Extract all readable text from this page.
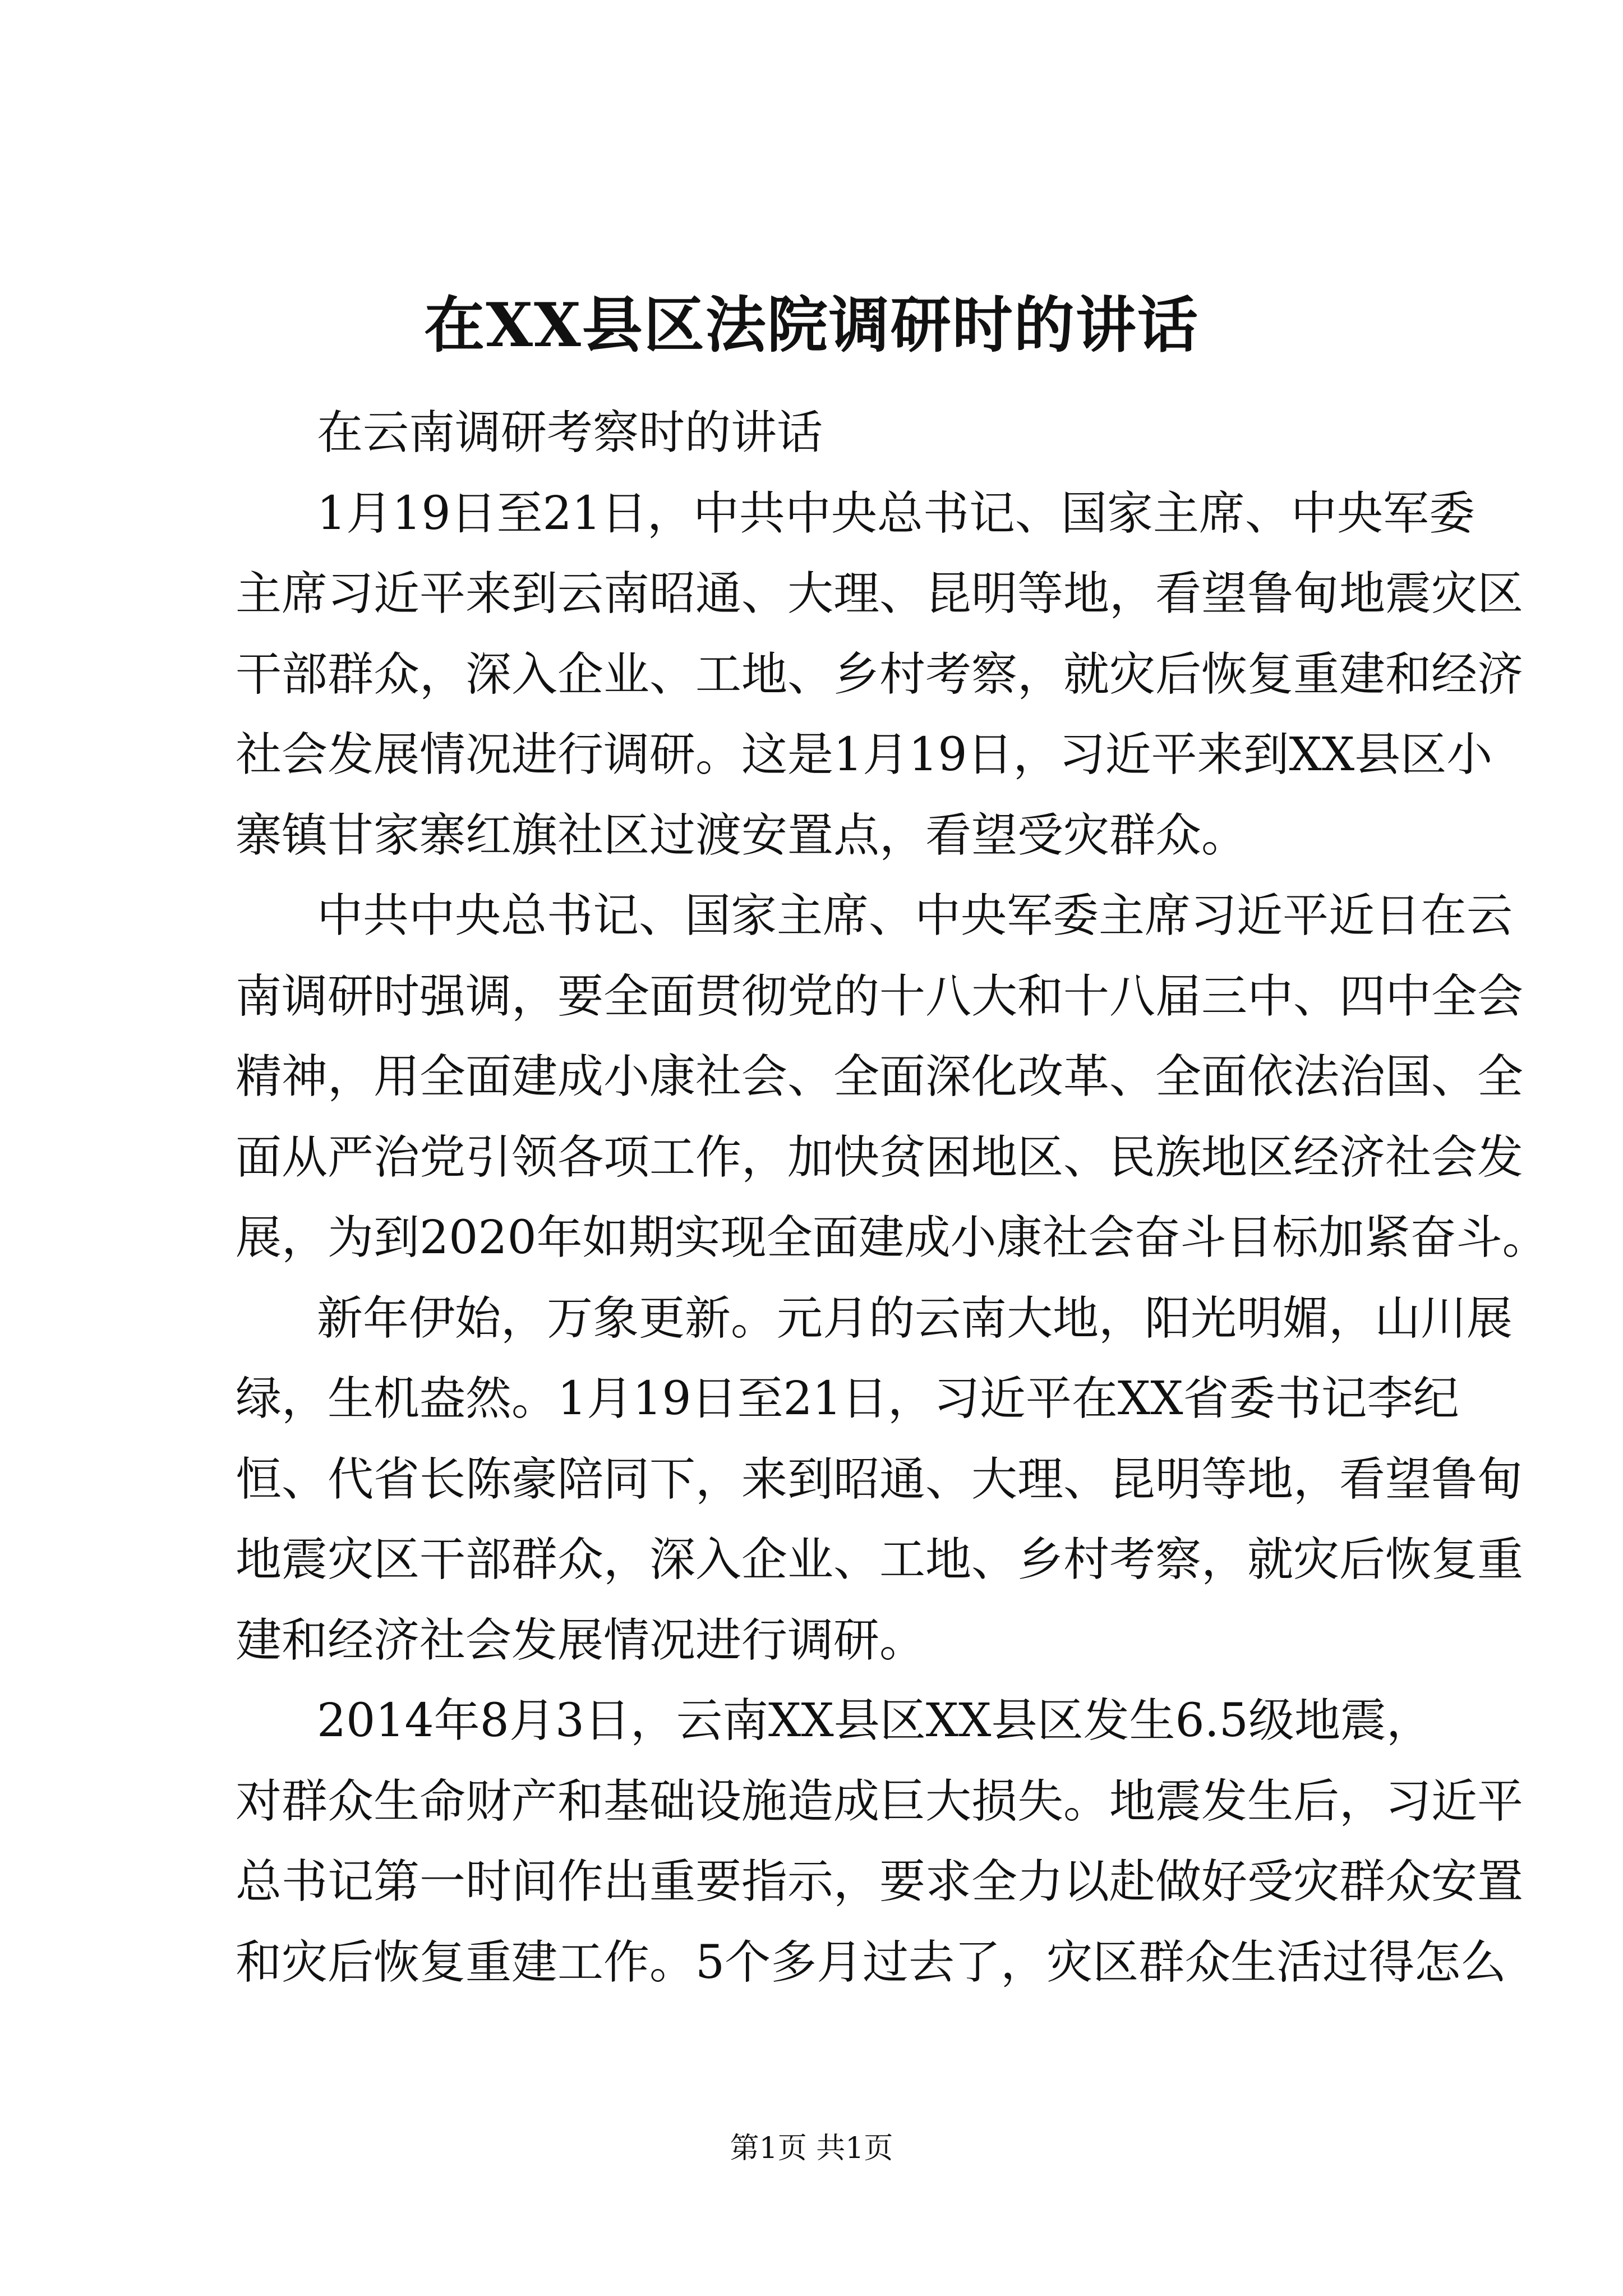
在XX县区法院调研时的讲话
在云南调研考察时的讲话
1月19日至21日，中共中央总书记、国家主席、中央军委
主席习近平来到云南昭通、大理、昆明等地，看望鲁甸地震灾区
干部群众，深入企业、工地、乡村考察，就灾后恢复重建和经济
社会发展情况进行调研。这是1月19日，习近平来到XX县区小
寨镇甘家寨红旗社区过渡安置点，看望受灾群众。
中共中央总书记、国家主席、中央军委主席习近平近日在云
南调研时强调，要全面贯彻党的十八大和十八届三中、四中全会
精神，用全面建成小康社会、全面深化改革、全面依法治国、全
面从严治党引领各项工作，加快贫困地区、民族地区经济社会发
展，为到2020年如期实现全面建成小康社会奋斗目标加紧奋斗。
新年伊始，万象更新。元月的云南大地，阳光明媚，山川展
绿，生机盎然。1月19日至21日，习近平在XX省委书记李纪
恒、代省长陈豪陪同下，来到昭通、大理、昆明等地，看望鲁甸
地震灾区干部群众，深入企业、工地、乡村考察，就灾后恢复重
建和经济社会发展情况进行调研。
2014年8月3日，云南XX县区XX县区发生6.5级地震，
对群众生命财产和基础设施造成巨大损失。地震发生后，习近平
总书记第一时间作出重要指示，要求全力以赴做好受灾群众安置
和灾后恢复重建工作。5个多月过去了，灾区群众生活过得怎么
第1页 共1页
